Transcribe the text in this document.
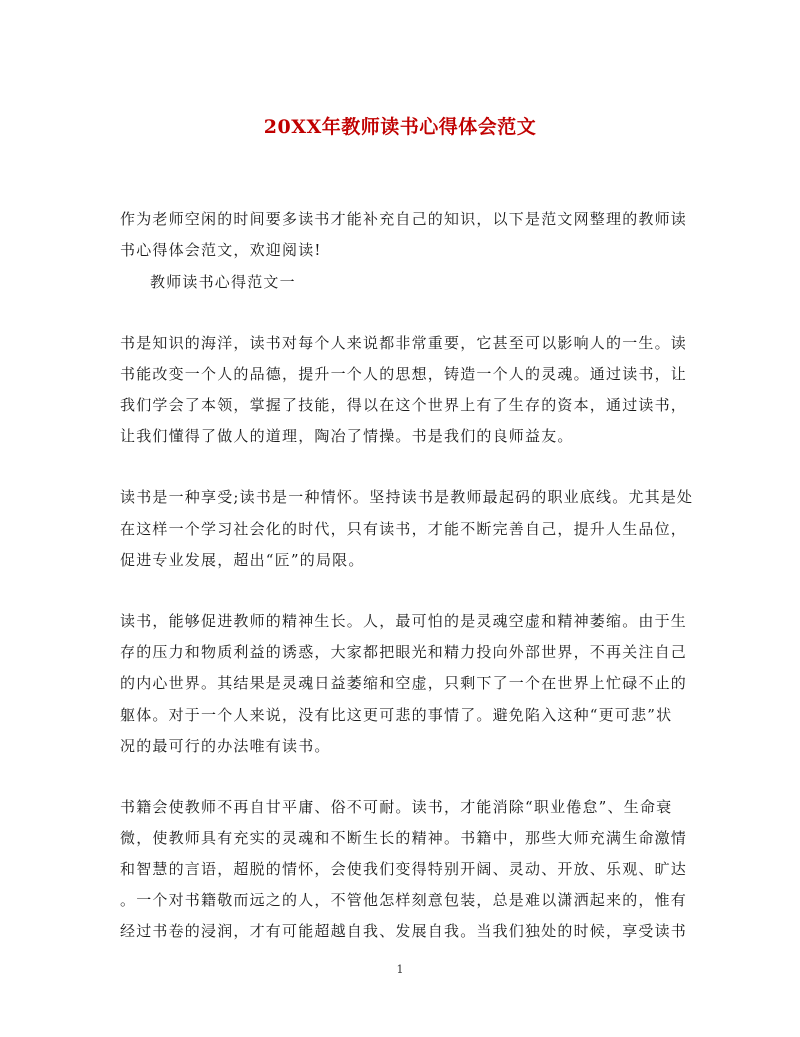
20XX年教师读书心得体会范文
作为老师空闲的时间要多读书才能补充自己的知识，以下是范文网整理的教师读
书心得体会范文，欢迎阅读!
教师读书心得范文一
书是知识的海洋，读书对每个人来说都非常重要，它甚至可以影响人的一生。读
书能改变一个人的品德，提升一个人的思想，铸造一个人的灵魂。通过读书，让
我们学会了本领，掌握了技能，得以在这个世界上有了生存的资本，通过读书，
让我们懂得了做人的道理，陶冶了情操。书是我们的良师益友。
读书是一种享受;读书是一种情怀。坚持读书是教师最起码的职业底线。尤其是处
在这样一个学习社会化的时代，只有读书，才能不断完善自己，提升人生品位，
促进专业发展，超出“匠”的局限。
读书，能够促进教师的精神生长。人，最可怕的是灵魂空虚和精神萎缩。由于生
存的压力和物质利益的诱惑，大家都把眼光和精力投向外部世界，不再关注自己
的内心世界。其结果是灵魂日益萎缩和空虚，只剩下了一个在世界上忙碌不止的
躯体。对于一个人来说，没有比这更可悲的事情了。避免陷入这种“更可悲”状
况的最可行的办法唯有读书。
书籍会使教师不再自甘平庸、俗不可耐。读书，才能消除“职业倦怠”、生命衰
微，使教师具有充实的灵魂和不断生长的精神。书籍中，那些大师充满生命激情
和智慧的言语，超脱的情怀，会使我们变得特别开阔、灵动、开放、乐观、旷达
。一个对书籍敬而远之的人，不管他怎样刻意包装，总是难以潇洒起来的，惟有
经过书卷的浸润，才有可能超越自我、发展自我。当我们独处的时候，享受读书
1
